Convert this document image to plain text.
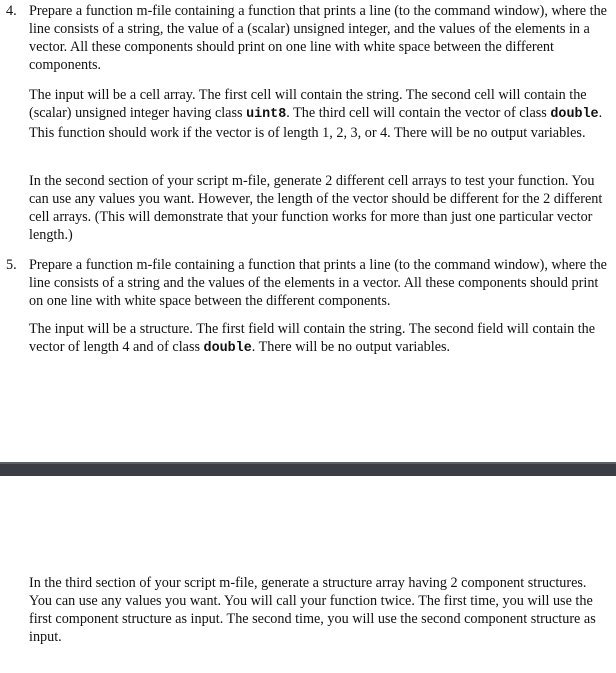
4. Prepare a function m-file containing a function that prints a line (to the command window), where the line consists of a string, the value of a (scalar) unsigned integer, and the values of the elements in a vector. All these components should print on one line with white space between the different components.

The input will be a cell array. The first cell will contain the string. The second cell will contain the (scalar) unsigned integer having class uint8. The third cell will contain the vector of class double. This function should work if the vector is of length 1, 2, 3, or 4. There will be no output variables.

In the second section of your script m-file, generate 2 different cell arrays to test your function. You can use any values you want. However, the length of the vector should be different for the 2 different cell arrays. (This will demonstrate that your function works for more than just one particular vector length.)

5. Prepare a function m-file containing a function that prints a line (to the command window), where the line consists of a string and the values of the elements in a vector. All these components should print on one line with white space between the different components.

The input will be a structure. The first field will contain the string. The second field will contain the vector of length 4 and of class double. There will be no output variables.

In the third section of your script m-file, generate a structure array having 2 component structures. You can use any values you want. You will call your function twice. The first time, you will use the first component structure as input. The second time, you will use the second component structure as input.
